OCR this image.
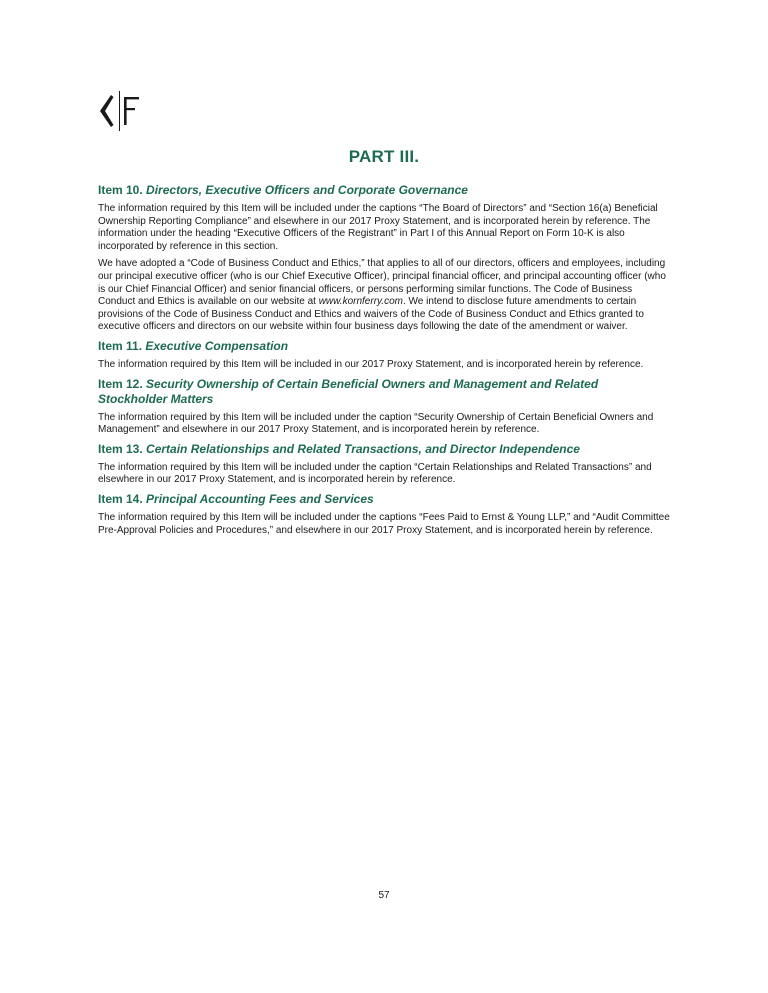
PART III.
Item 10. Directors, Executive Officers and Corporate Governance

The information required by this Item will be included under the captions “The Board of Directors” and “Section 16(a) Beneficial Ownership Reporting Compliance” and elsewhere in our 2017 Proxy Statement, and is incorporated herein by reference. The information under the heading “Executive Officers of the Registrant” in Part I of this Annual Report on Form 10-K is also incorporated by reference in this section.

We have adopted a “Code of Business Conduct and Ethics,” that applies to all of our directors, officers and employees, including our principal executive officer (who is our Chief Executive Officer), principal financial officer, and principal accounting officer (who is our Chief Financial Officer) and senior financial officers, or persons performing similar functions. The Code of Business Conduct and Ethics is available on our website at www.kornferry.com. We intend to disclose future amendments to certain provisions of the Code of Business Conduct and Ethics and waivers of the Code of Business Conduct and Ethics granted to executive officers and directors on our website within four business days following the date of the amendment or waiver.

Item 11. Executive Compensation

The information required by this Item will be included in our 2017 Proxy Statement, and is incorporated herein by reference.

Item 12. Security Ownership of Certain Beneficial Owners and Management and Related Stockholder Matters

The information required by this Item will be included under the caption “Security Ownership of Certain Beneficial Owners and Management” and elsewhere in our 2017 Proxy Statement, and is incorporated herein by reference.

Item 13. Certain Relationships and Related Transactions, and Director Independence

The information required by this Item will be included under the caption “Certain Relationships and Related Transactions” and elsewhere in our 2017 Proxy Statement, and is incorporated herein by reference.

Item 14. Principal Accounting Fees and Services

The information required by this Item will be included under the captions “Fees Paid to Ernst & Young LLP,” and “Audit Committee Pre-Approval Policies and Procedures,” and elsewhere in our 2017 Proxy Statement, and is incorporated herein by reference.

57
